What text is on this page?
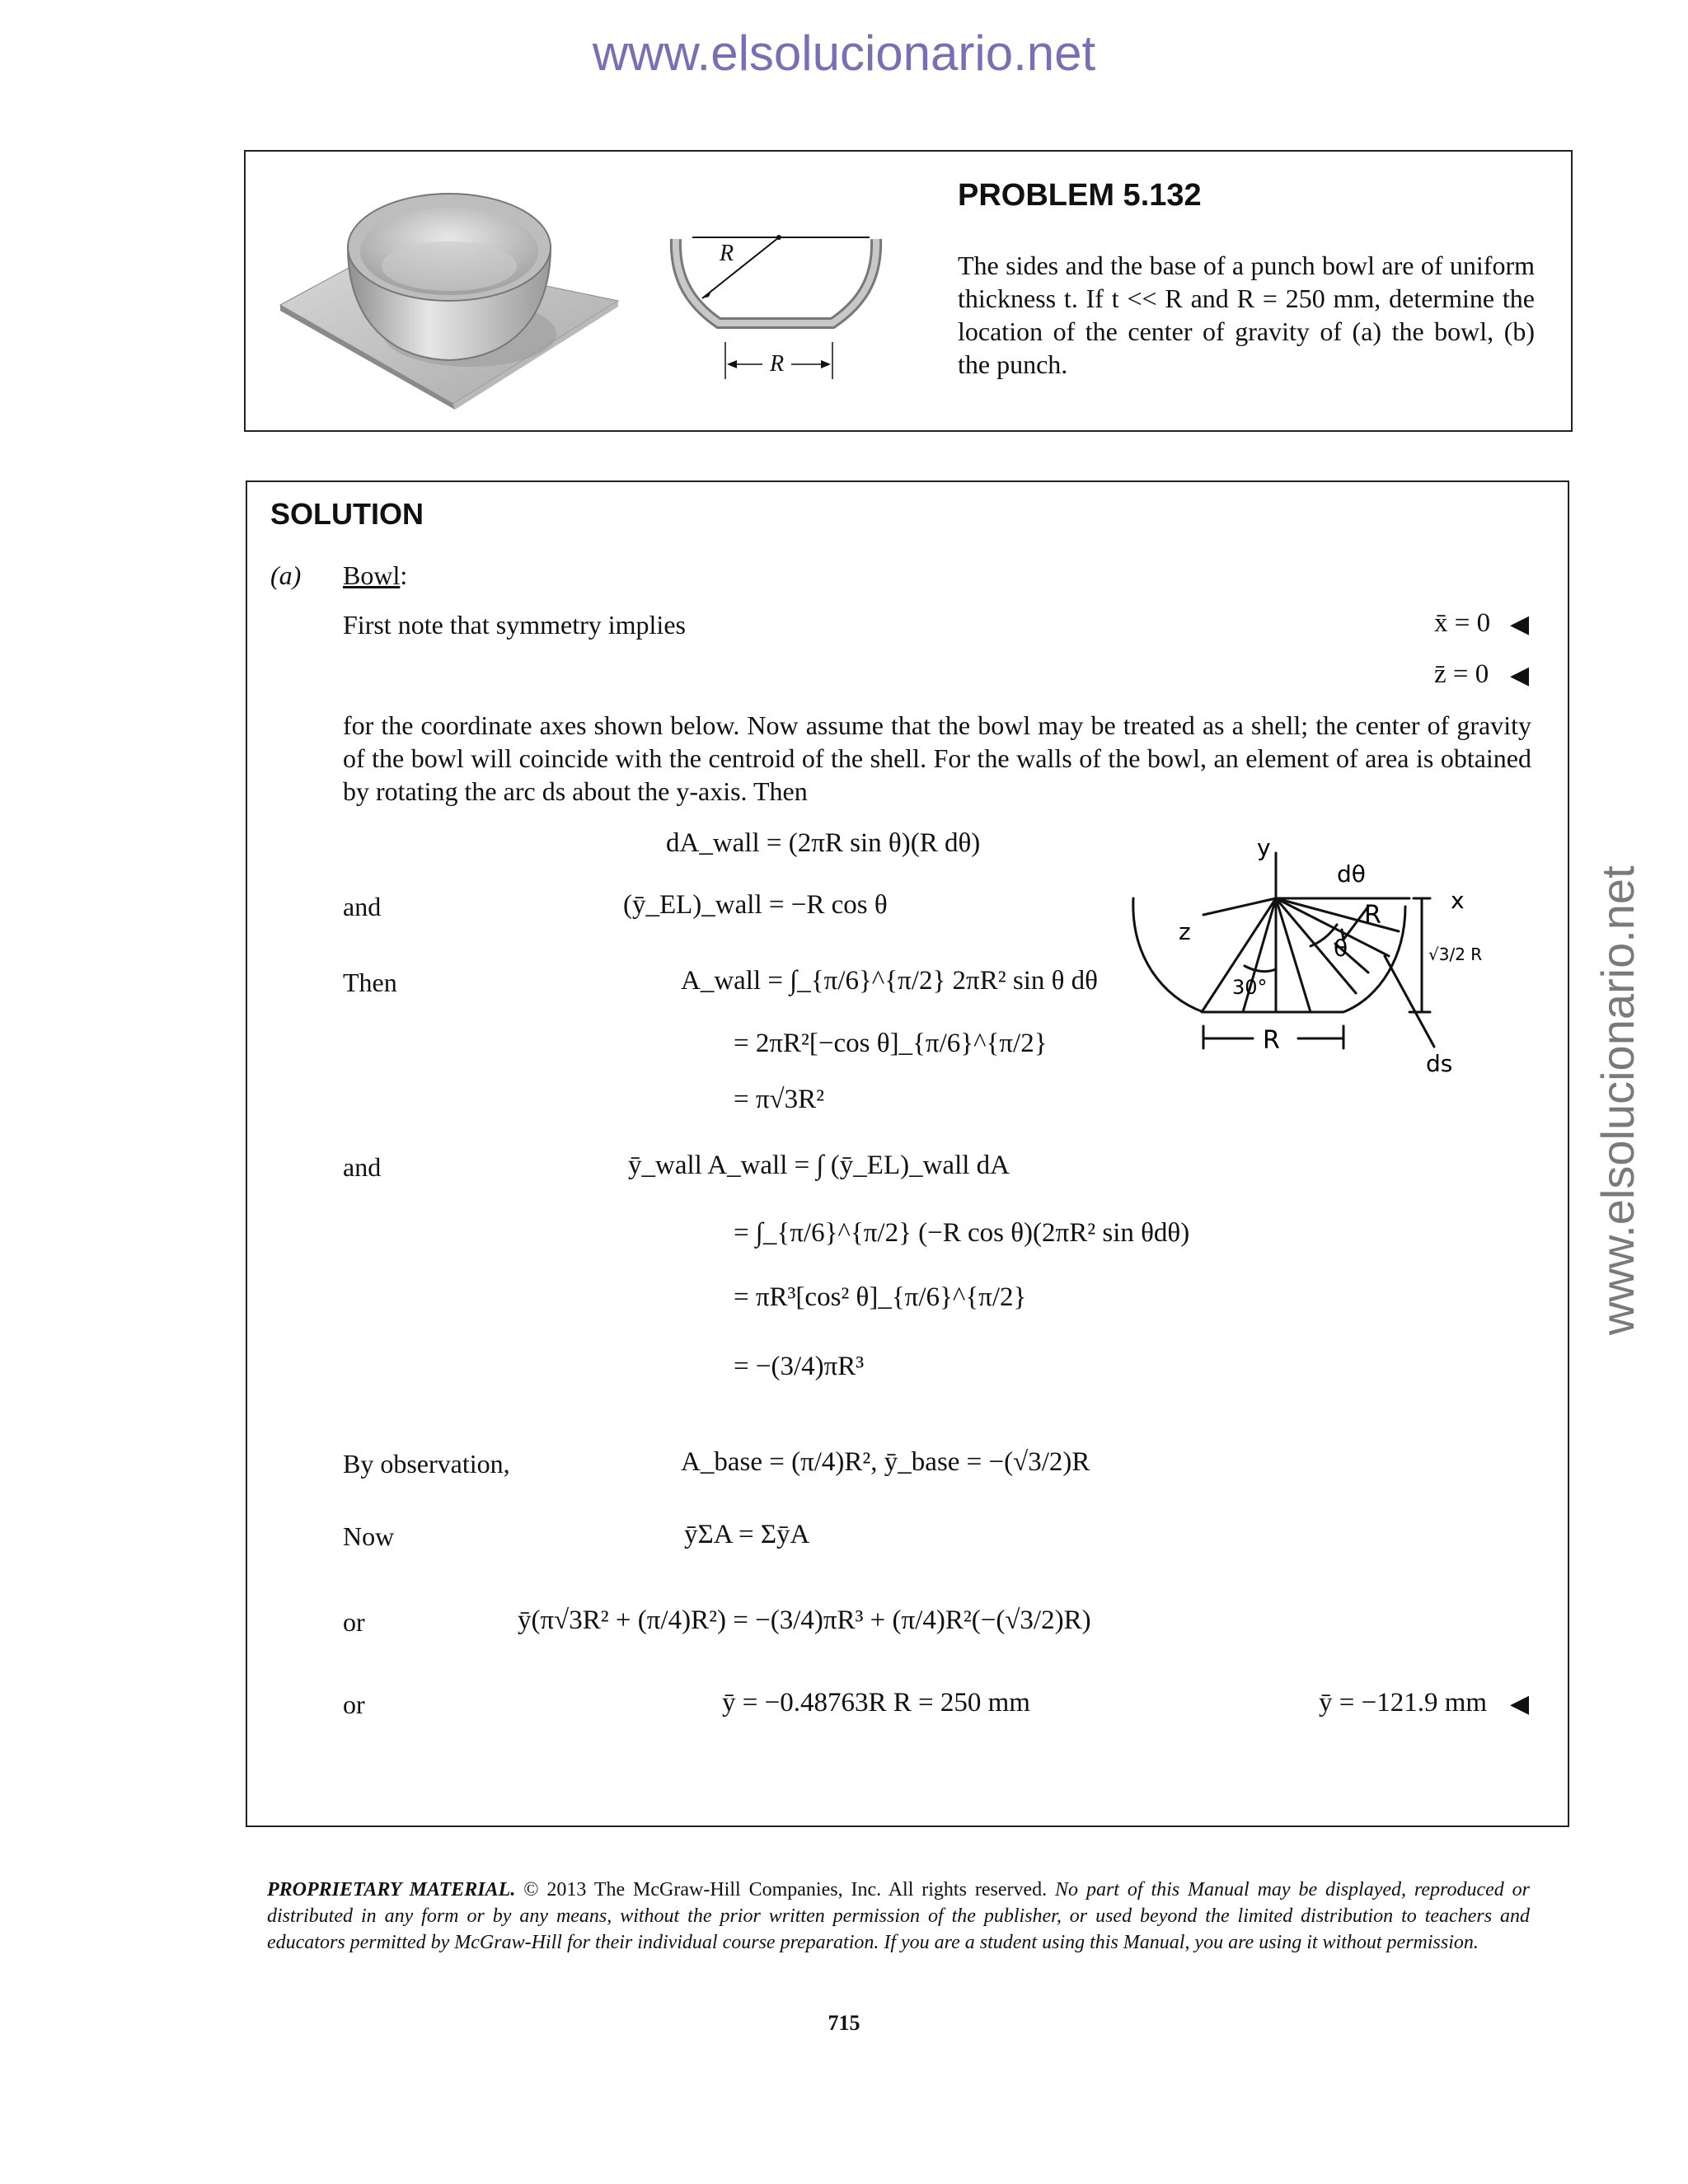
www.elsolucionario.net
www.elsolucionario.net
R
R
PROBLEM 5.132
The sides and the base of a punch bowl are of uniform thickness t. If t << R and R = 250 mm, determine the location of the center of gravity of (a) the bowl, (b) the punch.
SOLUTION
(a) Bowl:
First note that symmetry implies	x̄ = 0 ◀
z̄ = 0 ◀
for the coordinate axes shown below. Now assume that the bowl may be treated as a shell; the center of gravity of the bowl will coincide with the centroid of the shell. For the walls of the bowl, an element of area is obtained by rotating the arc ds about the y-axis. Then
dA_wall = (2πR sin θ)(R dθ)
and	(ȳ_EL)_wall = −R cos θ
Then	A_wall = ∫_{π/6}^{π/2} 2πR² sin θ dθ
= 2πR²[−cos θ]_{π/6}^{π/2}
= π√3R²
and	ȳ_wall A_wall = ∫ (ȳ_EL)_wall dA
= ∫_{π/6}^{π/2} (−R cos θ)(2πR² sin θdθ)
= πR³[cos² θ]_{π/6}^{π/2}
= −(3/4)πR³
By observation,	A_base = (π/4)R², ȳ_base = −(√3/2)R
Now	ȳΣA = ΣȳA
or	ȳ(π√3R² + (π/4)R²) = −(3/4)πR³ + (π/4)R²(−(√3/2)R)
or	ȳ = −0.48763R R = 250 mm	ȳ = −121.9 mm ◀
y
dθ
R
x
z
θ
30°
√3/2 R
R
ds
PROPRIETARY MATERIAL. © 2013 The McGraw-Hill Companies, Inc. All rights reserved. No part of this Manual may be displayed, reproduced or distributed in any form or by any means, without the prior written permission of the publisher, or used beyond the limited distribution to teachers and educators permitted by McGraw-Hill for their individual course preparation. If you are a student using this Manual, you are using it without permission.
715
